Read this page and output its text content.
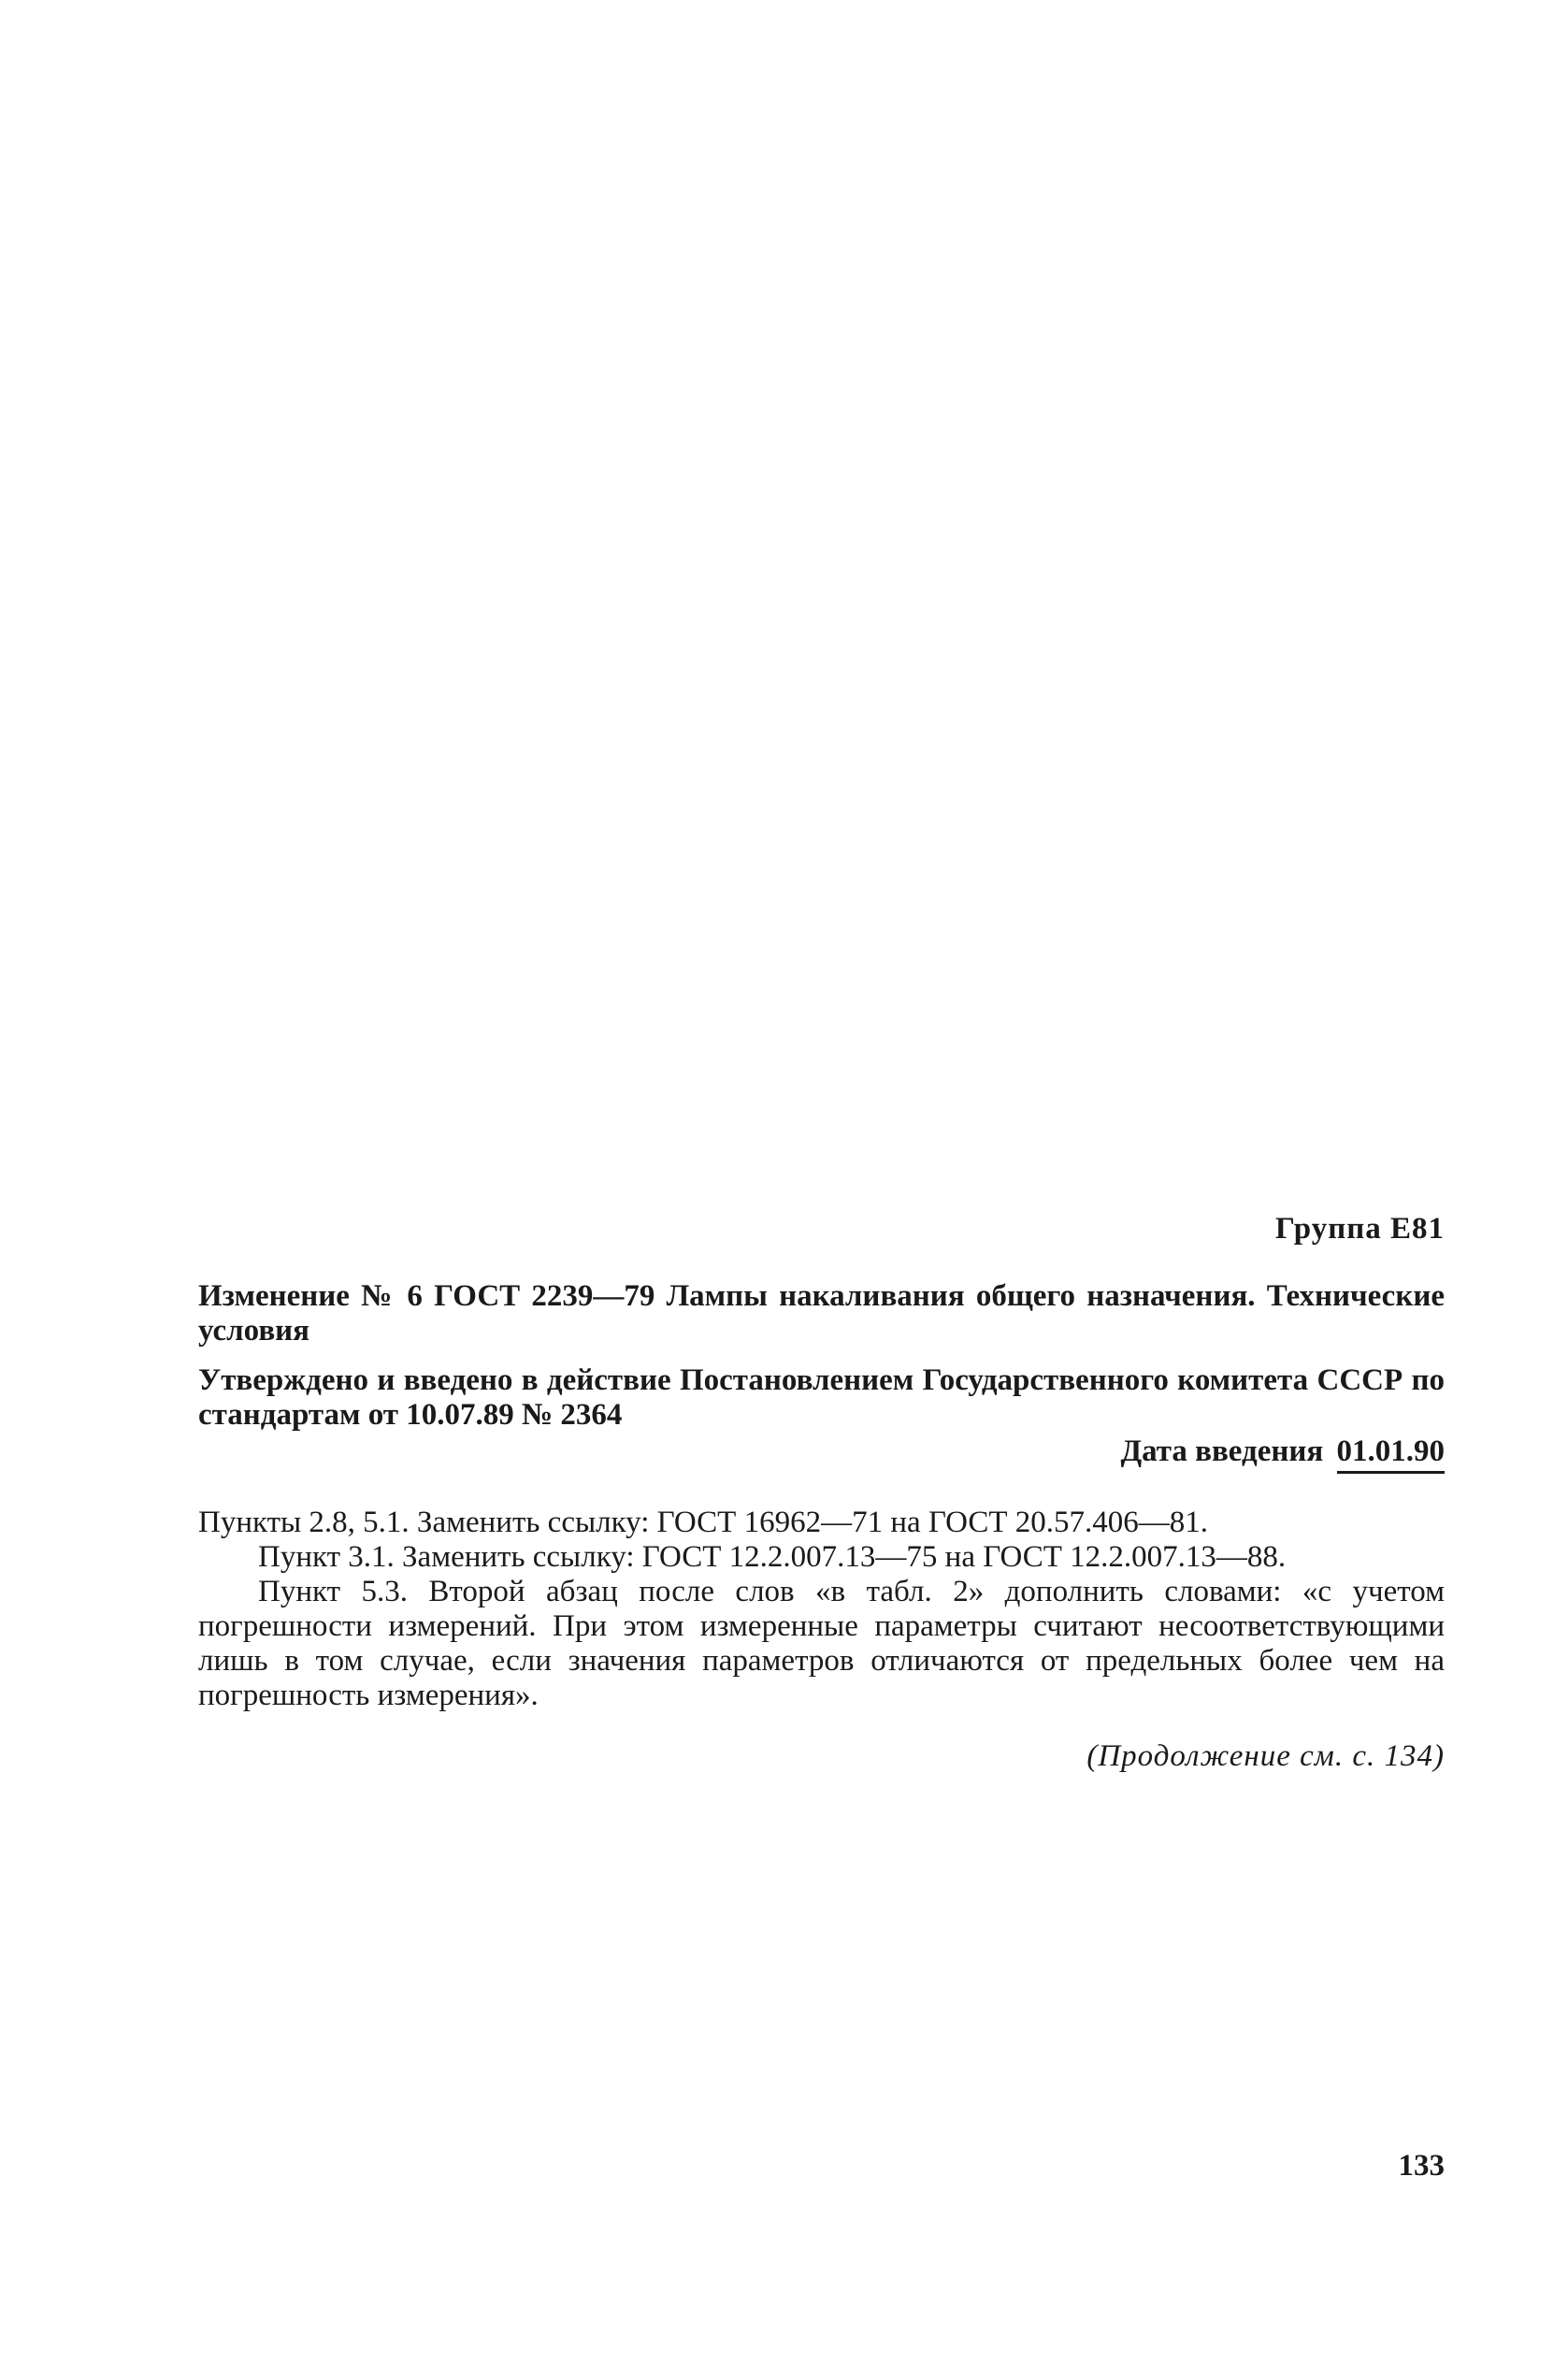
Группа Е81
Изменение № 6 ГОСТ 2239—79 Лампы накаливания общего назначения. Технические условия
Утверждено и введено в действие Постановлением Государственного комитета СССР по стандартам от 10.07.89 № 2364
Дата введения 01.01.90

Пункты 2.8, 5.1. Заменить ссылку: ГОСТ 16962—71 на ГОСТ 20.57.406—81.

Пункт 3.1. Заменить ссылку: ГОСТ 12.2.007.13—75 на ГОСТ 12.2.007.13—88.

Пункт 5.3. Второй абзац после слов «в табл. 2» дополнить словами: «с учетом погрешности измерений. При этом измеренные параметры считают несоответствующими лишь в том случае, если значения параметров отличаются от предельных более чем на погрешность измерения».

(Продолжение см. с. 134)
133
